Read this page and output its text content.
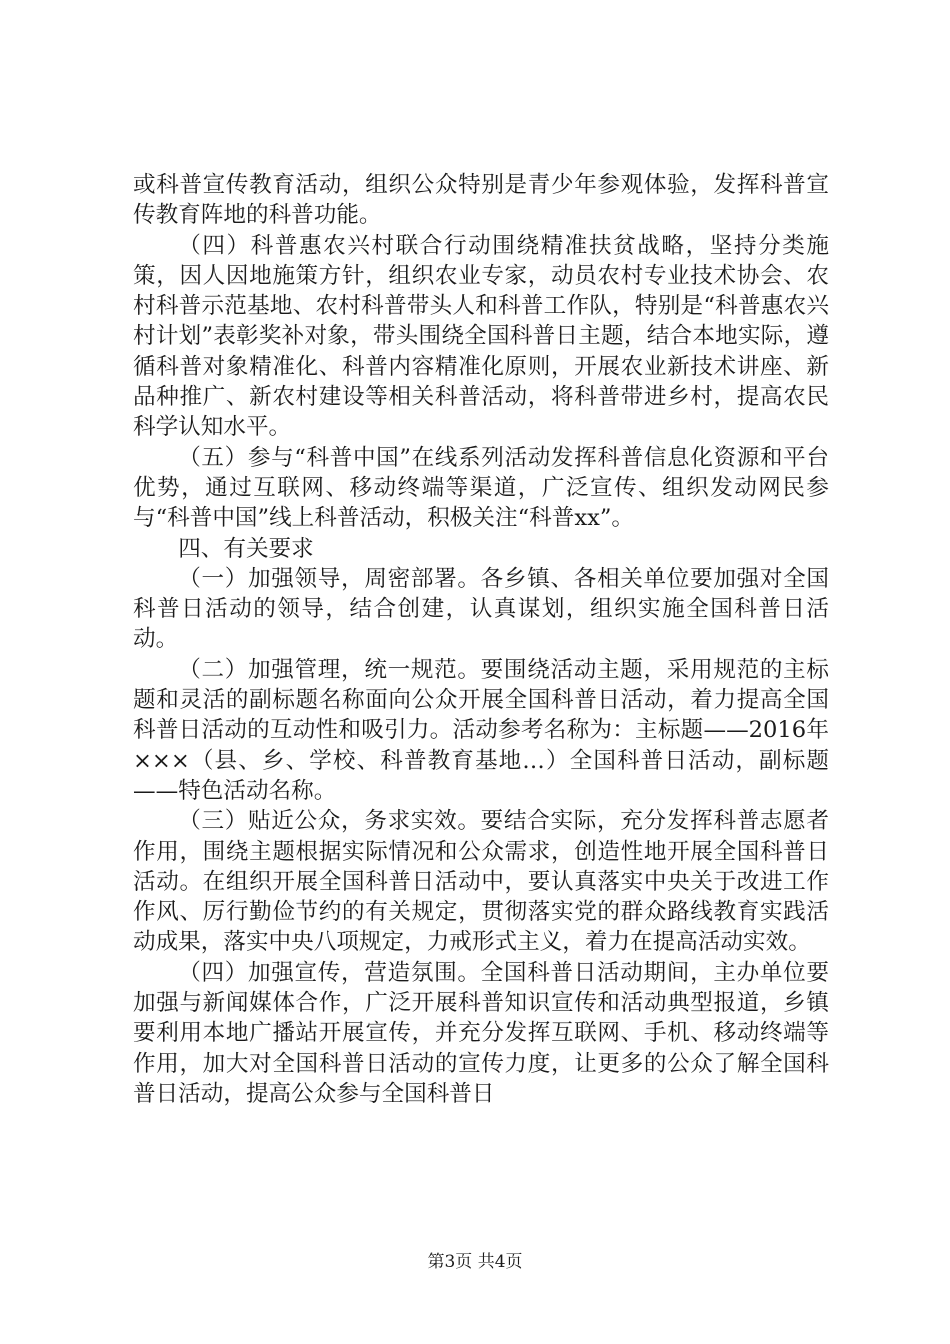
或科普宣传教育活动，组织公众特别是青少年参观体验，发挥科普宣传教育阵地的科普功能。

（四）科普惠农兴村联合行动围绕精准扶贫战略，坚持分类施策，因人因地施策方针，组织农业专家，动员农村专业技术协会、农村科普示范基地、农村科普带头人和科普工作队，特别是“科普惠农兴村计划”表彰奖补对象，带头围绕全国科普日主题，结合本地实际，遵循科普对象精准化、科普内容精准化原则，开展农业新技术讲座、新品种推广、新农村建设等相关科普活动，将科普带进乡村，提高农民科学认知水平。

（五）参与“科普中国”在线系列活动发挥科普信息化资源和平台优势，通过互联网、移动终端等渠道，广泛宣传、组织发动网民参与“科普中国”线上科普活动，积极关注“科普xx”。

四、有关要求

（一）加强领导，周密部署。各乡镇、各相关单位要加强对全国科普日活动的领导，结合创建，认真谋划，组织实施全国科普日活动。

（二）加强管理，统一规范。要围绕活动主题，采用规范的主标题和灵活的副标题名称面向公众开展全国科普日活动，着力提高全国科普日活动的互动性和吸引力。活动参考名称为：主标题——2016年×××（县、乡、学校、科普教育基地…）全国科普日活动，副标题——特色活动名称。

（三）贴近公众，务求实效。要结合实际，充分发挥科普志愿者作用，围绕主题根据实际情况和公众需求，创造性地开展全国科普日活动。在组织开展全国科普日活动中，要认真落实中央关于改进工作作风、厉行勤俭节约的有关规定，贯彻落实党的群众路线教育实践活动成果，落实中央八项规定，力戒形式主义，着力在提高活动实效。

（四）加强宣传，营造氛围。全国科普日活动期间，主办单位要加强与新闻媒体合作，广泛开展科普知识宣传和活动典型报道，乡镇要利用本地广播站开展宣传，并充分发挥互联网、手机、移动终端等作用，加大对全国科普日活动的宣传力度，让更多的公众了解全国科普日活动，提高公众参与全国科普日

第3页 共4页
